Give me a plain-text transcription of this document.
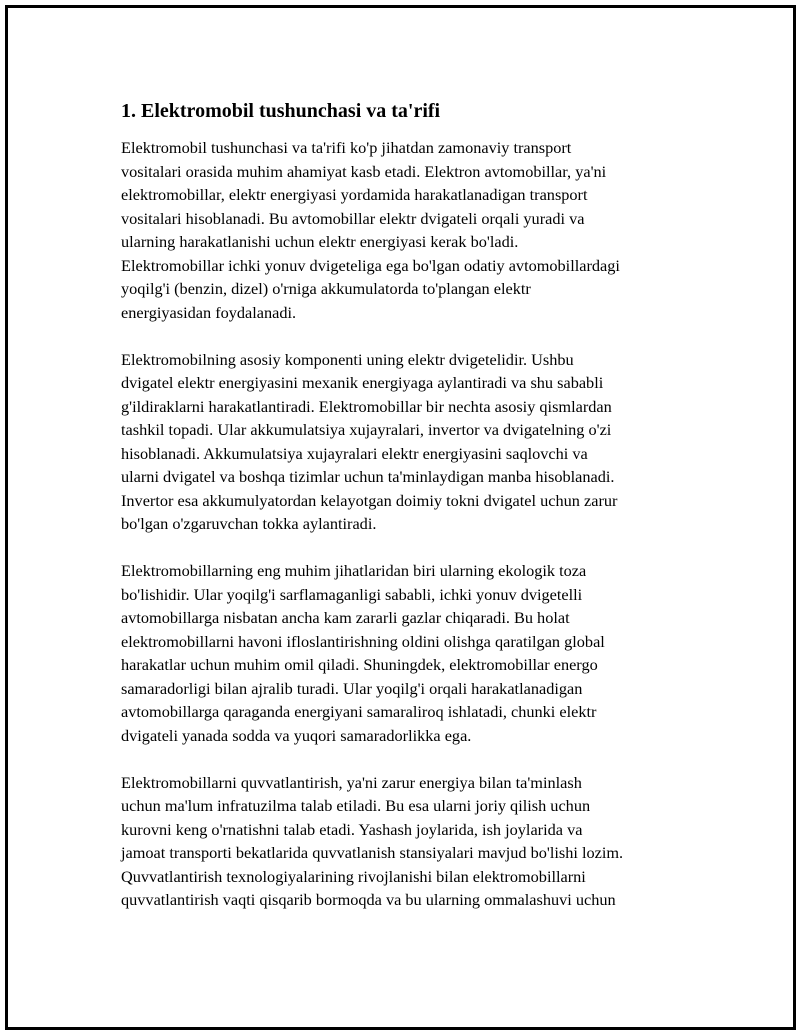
1. Elektromobil tushunchasi va ta'rifi

Elektromobil tushunchasi va ta'rifi ko'p jihatdan zamonaviy transport
vositalari orasida muhim ahamiyat kasb etadi. Elektron avtomobillar, ya'ni
elektromobillar, elektr energiyasi yordamida harakatlanadigan transport
vositalari hisoblanadi. Bu avtomobillar elektr dvigateli orqali yuradi va
ularning harakatlanishi uchun elektr energiyasi kerak bo'ladi.
Elektromobillar ichki yonuv dvigeteliga ega bo'lgan odatiy avtomobillardagi
yoqilg'i (benzin, dizel) o'rniga akkumulatorda to'plangan elektr
energiyasidan foydalanadi.

Elektromobilning asosiy komponenti uning elektr dvigetelidir. Ushbu
dvigatel elektr energiyasini mexanik energiyaga aylantiradi va shu sababli
g'ildiraklarni harakatlantiradi. Elektromobillar bir nechta asosiy qismlardan
tashkil topadi. Ular akkumulatsiya xujayralari, invertor va dvigatelning o'zi
hisoblanadi. Akkumulatsiya xujayralari elektr energiyasini saqlovchi va
ularni dvigatel va boshqa tizimlar uchun ta'minlaydigan manba hisoblanadi.
Invertor esa akkumulyatordan kelayotgan doimiy tokni dvigatel uchun zarur
bo'lgan o'zgaruvchan tokka aylantiradi.

Elektromobillarning eng muhim jihatlaridan biri ularning ekologik toza
bo'lishidir. Ular yoqilg'i sarflamaganligi sababli, ichki yonuv dvigetelli
avtomobillarga nisbatan ancha kam zararli gazlar chiqaradi. Bu holat
elektromobillarni havoni ifloslantirishning oldini olishga qaratilgan global
harakatlar uchun muhim omil qiladi. Shuningdek, elektromobillar energo
samaradorligi bilan ajralib turadi. Ular yoqilg'i orqali harakatlanadigan
avtomobillarga qaraganda energiyani samaraliroq ishlatadi, chunki elektr
dvigateli yanada sodda va yuqori samaradorlikka ega.

Elektromobillarni quvvatlantirish, ya'ni zarur energiya bilan ta'minlash
uchun ma'lum infratuzilma talab etiladi. Bu esa ularni joriy qilish uchun
kurovni keng o'rnatishni talab etadi. Yashash joylarida, ish joylarida va
jamoat transporti bekatlarida quvvatlanish stansiyalari mavjud bo'lishi lozim.
Quvvatlantirish texnologiyalarining rivojlanishi bilan elektromobillarni
quvvatlantirish vaqti qisqarib bormoqda va bu ularning ommalashuvi uchun
